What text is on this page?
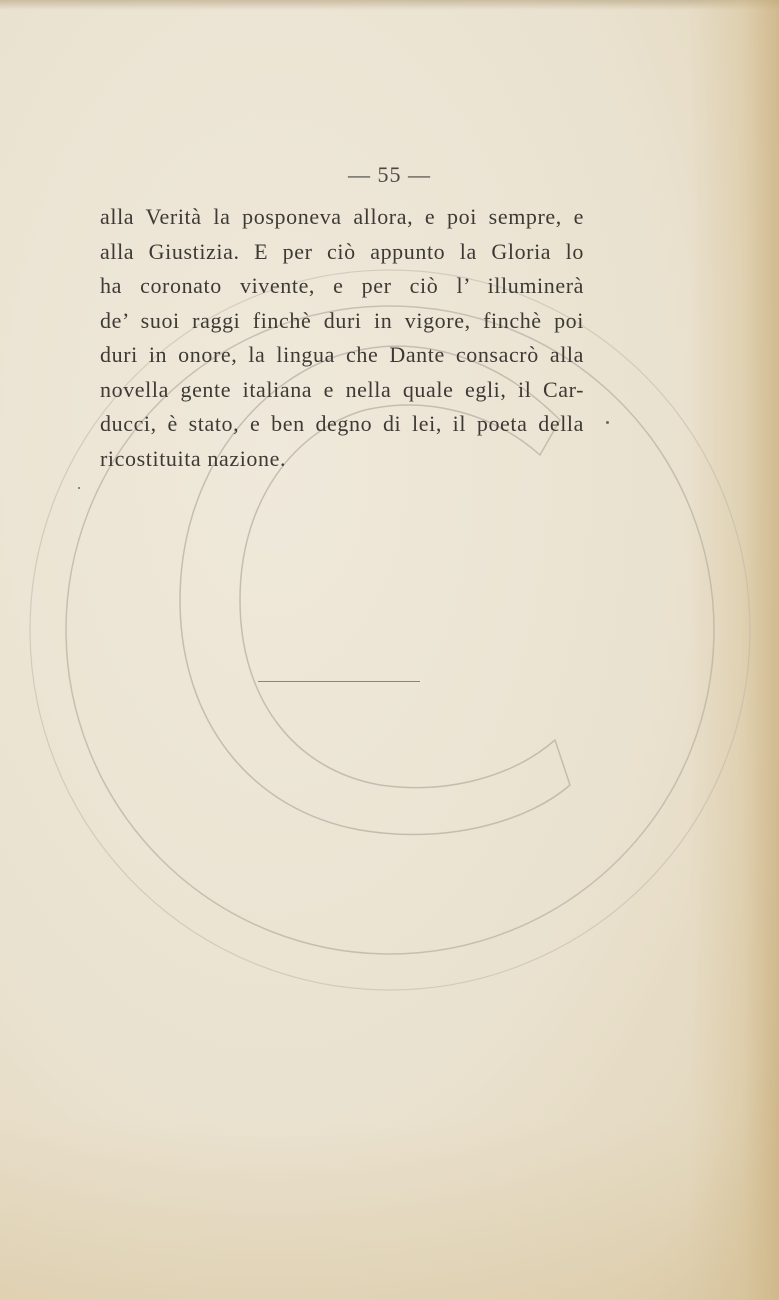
— 55 —
alla Verità la posponeva allora, e poi sempre, e
alla Giustizia. E per ciò appunto la Gloria lo
ha coronato vivente, e per ciò l’ illuminerà
de’ suoi raggi finchè duri in vigore, finchè poi
duri in onore, la lingua che Dante consacrò alla
novella gente italiana e nella quale egli, il Car-
ducci, è stato, e ben degno di lei, il poeta della
ricostituita nazione.
